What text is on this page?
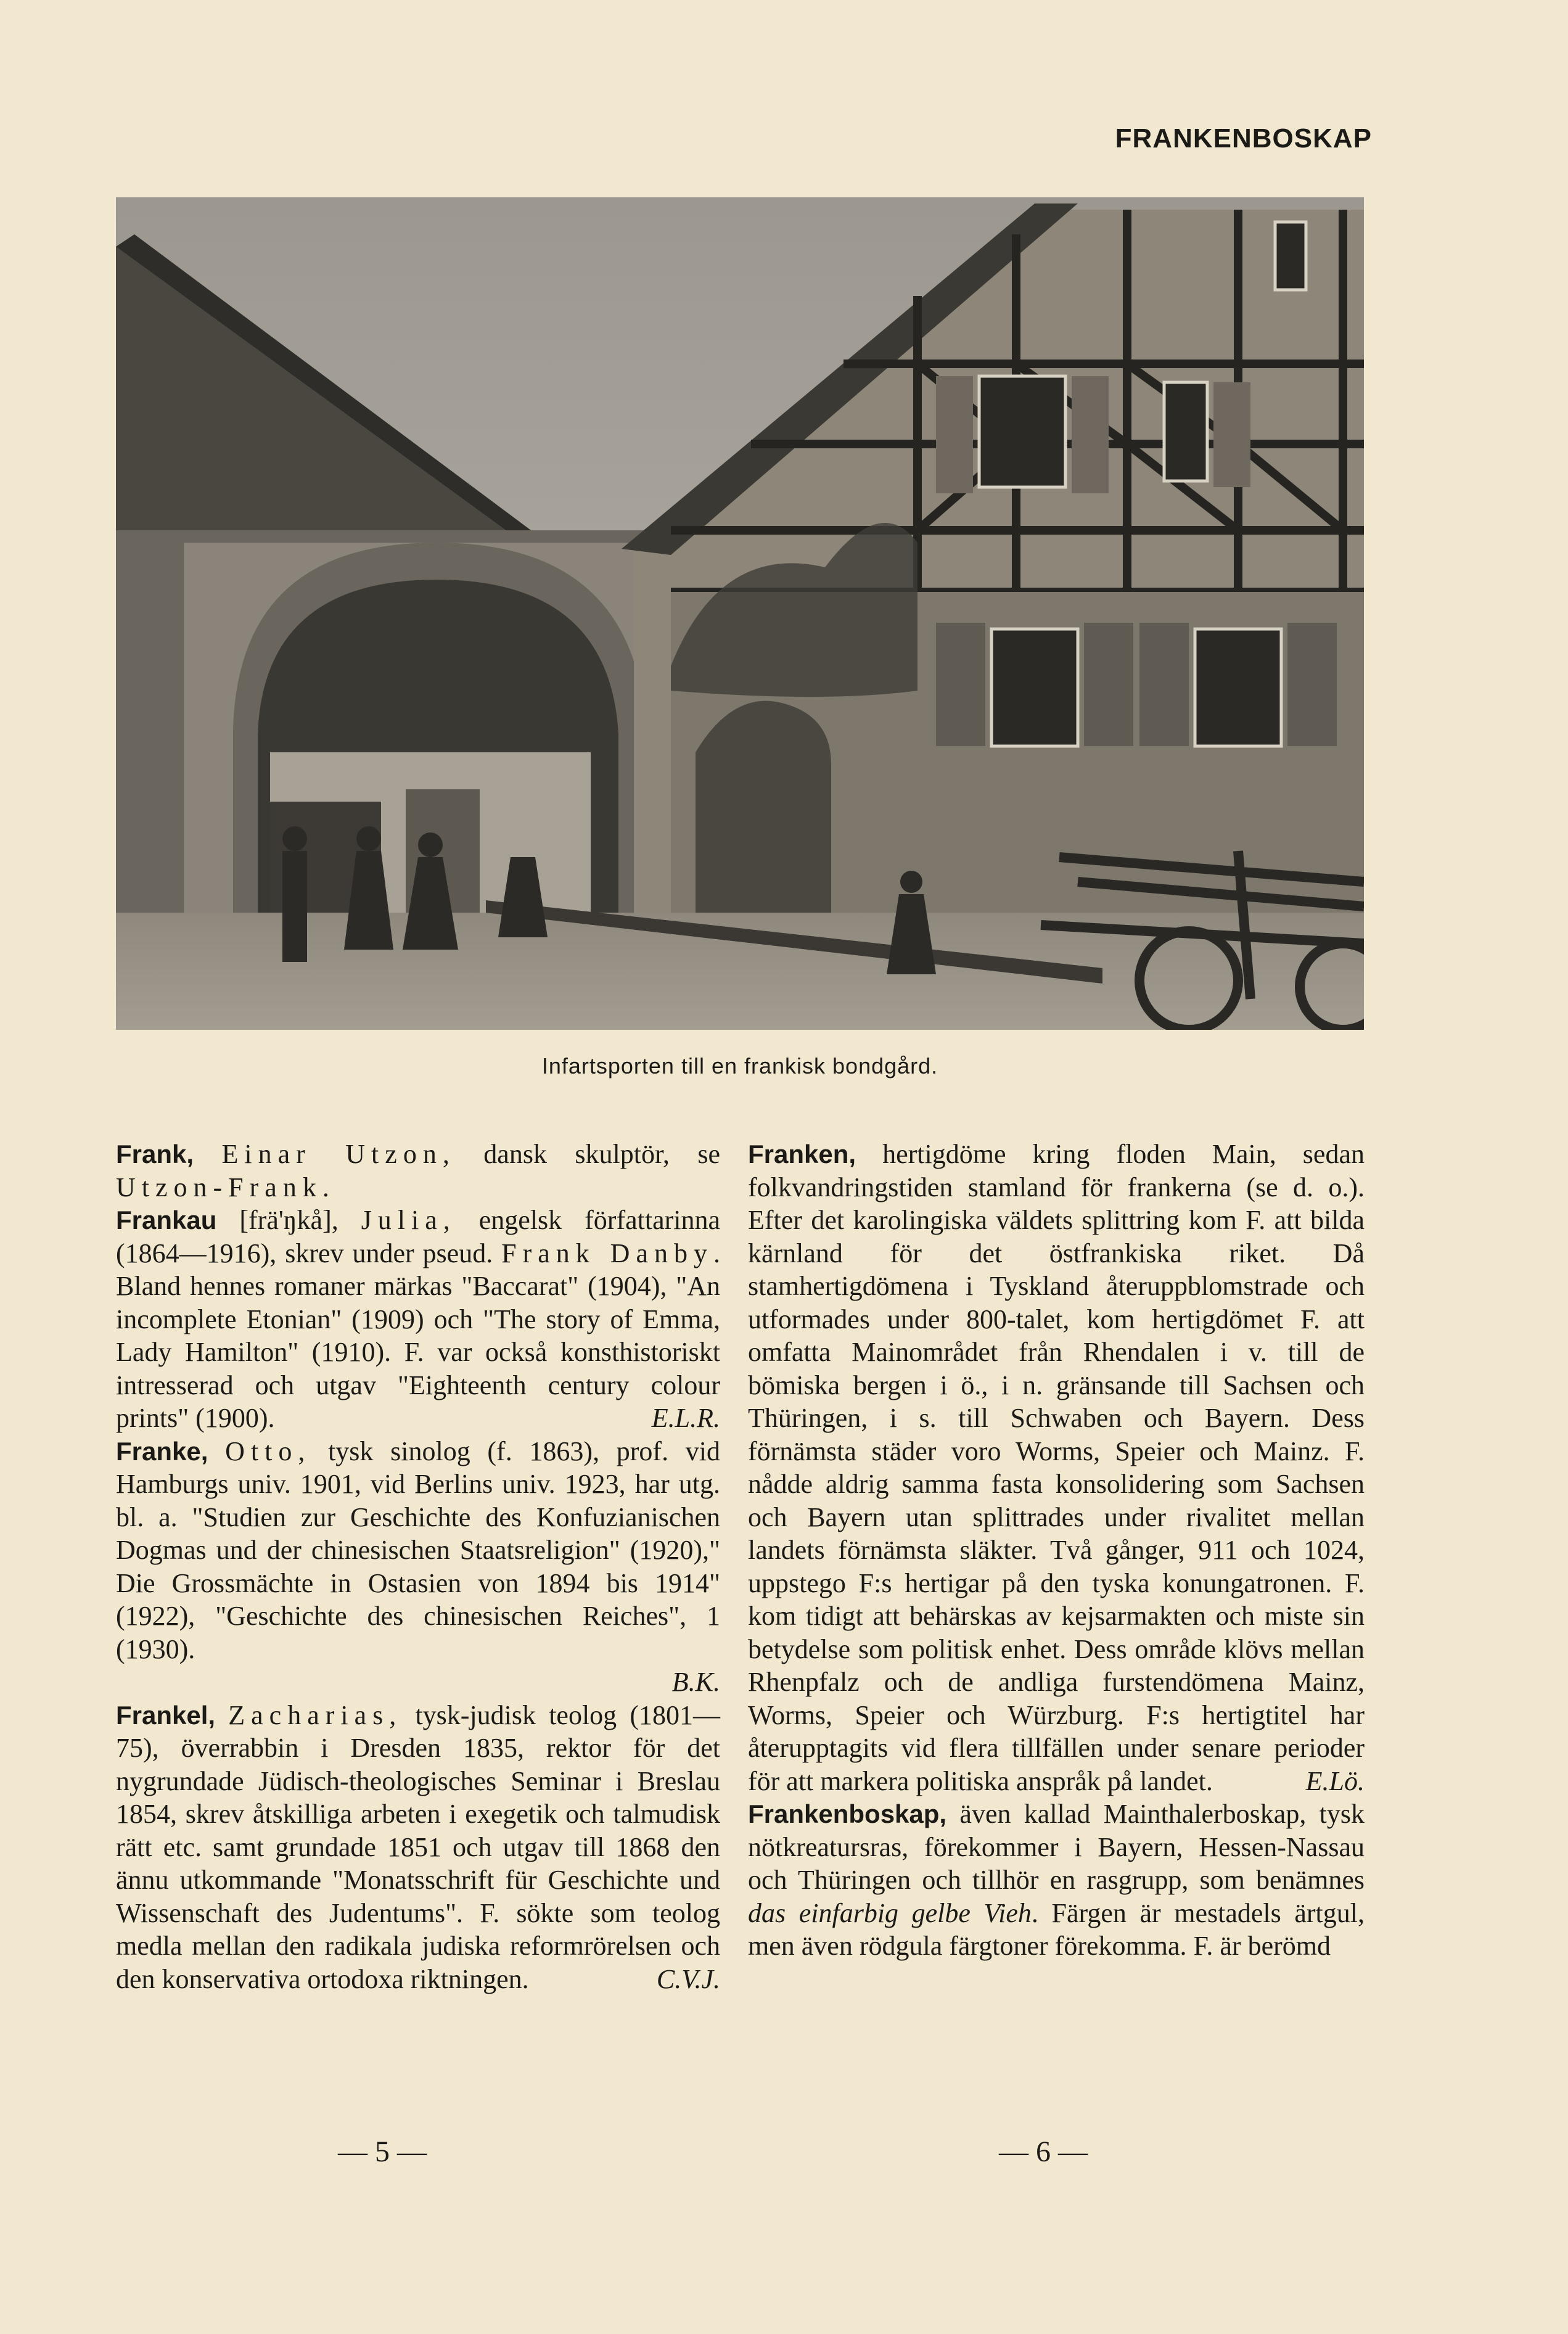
FRANKENBOSKAP
Infartsporten till en frankisk bondgård.

Frank, Einar Utzon, dansk skulptör, se Utzon-Frank.

Frankau [frä'ŋkå], Julia, engelsk författarinna (1864—1916), skrev under pseud. Frank Danby. Bland hennes romaner märkas "Baccarat" (1904), "An incomplete Etonian" (1909) och "The story of Emma, Lady Hamilton" (1910). F. var också konsthistoriskt intresserad och utgav "Eighteenth century colour prints" (1900).	E.L.R.

Franke, Otto, tysk sinolog (f. 1863), prof. vid Hamburgs univ. 1901, vid Berlins univ. 1923, har utg. bl. a. "Studien zur Geschichte des Konfuzianischen Dogmas und der chinesischen Staatsreligion" (1920)," Die Grossmächte in Ostasien von 1894 bis 1914" (1922), "Geschichte des chinesischen Reiches", 1 (1930).
B.K.

Frankel, Zacharias, tysk-judisk teolog (1801—75), överrabbin i Dresden 1835, rektor för det nygrundade Jüdisch-theologisches Seminar i Breslau 1854, skrev åtskilliga arbeten i exegetik och talmudisk rätt etc. samt grundade 1851 och utgav till 1868 den ännu utkommande "Monatsschrift für Geschichte und Wissenschaft des Judentums". F. sökte som teolog medla mellan den radikala judiska reformrörelsen och den konservativa ortodoxa riktningen.	C.V.J.

Franken, hertigdöme kring floden Main, sedan folkvandringstiden stamland för frankerna (se d. o.). Efter det karolingiska väldets splittring kom F. att bilda kärnland för det östfrankiska riket. Då stamhertigdömena i Tyskland återuppblomstrade och utformades under 800-talet, kom hertigdömet F. att omfatta Mainområdet från Rhendalen i v. till de bömiska bergen i ö., i n. gränsande till Sachsen och Thüringen, i s. till Schwaben och Bayern. Dess förnämsta städer voro Worms, Speier och Mainz. F. nådde aldrig samma fasta konsolidering som Sachsen och Bayern utan splittrades under rivalitet mellan landets förnämsta släkter. Två gånger, 911 och 1024, uppstego F:s hertigar på den tyska konungatronen. F. kom tidigt att behärskas av kejsarmakten och miste sin betydelse som politisk enhet. Dess område klövs mellan Rhenpfalz och de andliga furstendömena Mainz, Worms, Speier och Würzburg. F:s hertigtitel har återupptagits vid flera tillfällen under senare perioder för att markera politiska anspråk på landet.	E.Lö.

Frankenboskap, även kallad Mainthalerboskap, tysk nötkreatursras, förekommer i Bayern, Hessen-Nassau och Thüringen och tillhör en rasgrupp, som benämnes das einfarbig gelbe Vieh. Färgen är mestadels ärtgul, men även rödgula färgtoner förekomma. F. är berömd

— 5 —	— 6 —
